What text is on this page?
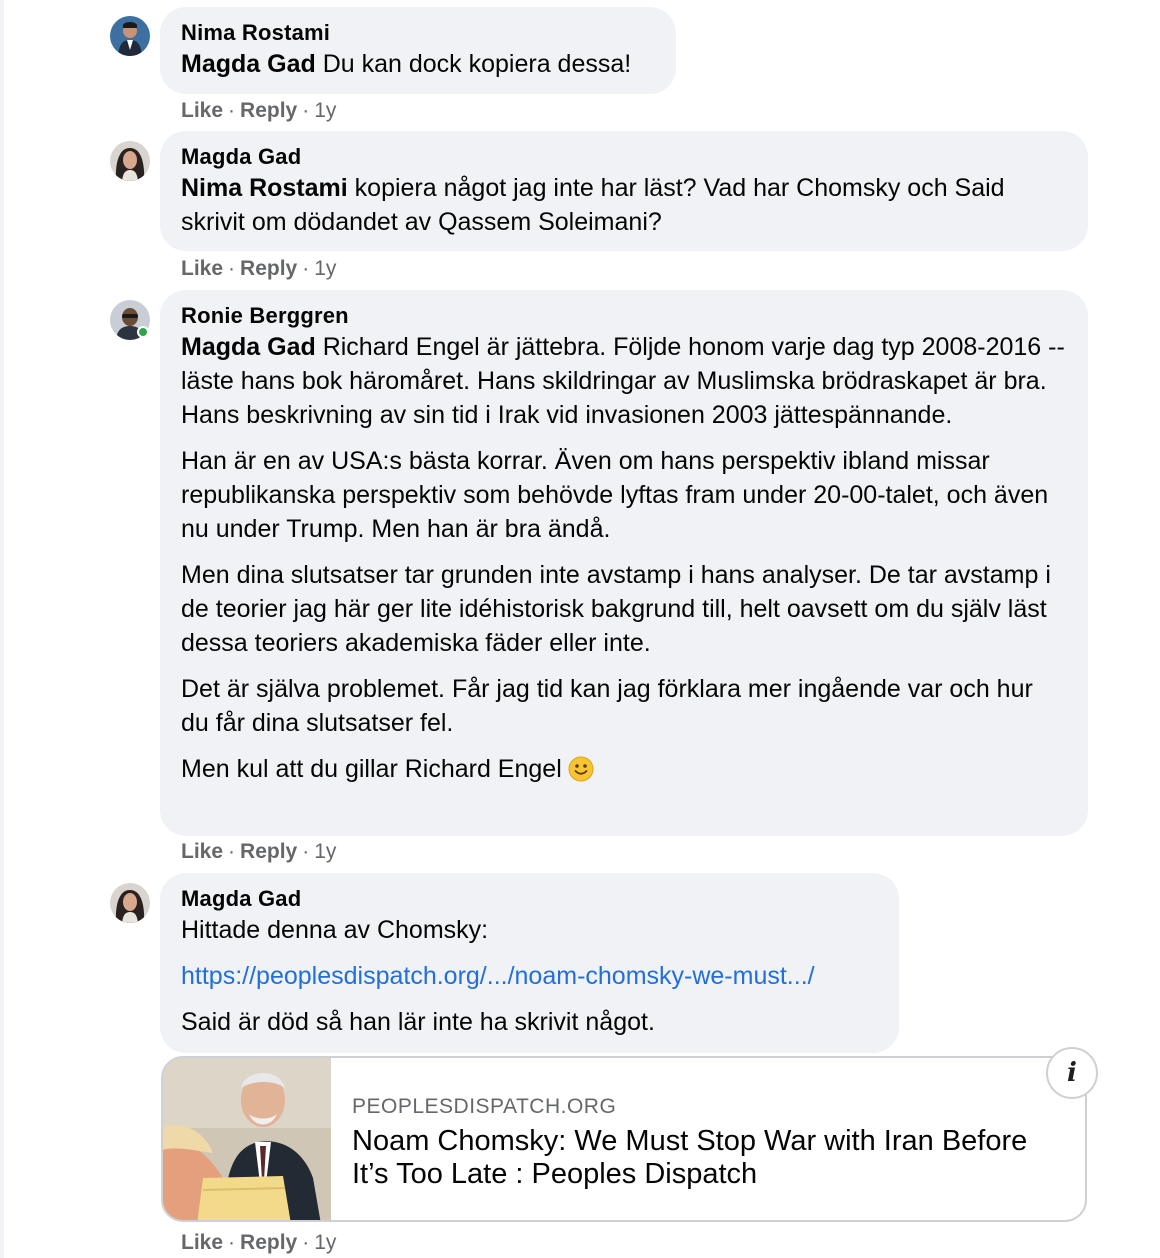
Nima Rostami
Magda Gad Du kan dock kopiera dessa!
Like · Reply · 1y
Magda Gad
Nima Rostami kopiera något jag inte har läst? Vad har Chomsky och Said skrivit om dödandet av Qassem Soleimani?
Like · Reply · 1y
Ronie Berggren

Magda Gad Richard Engel är jättebra. Följde honom varje dag typ 2008-2016 -- läste hans bok häromåret. Hans skildringar av Muslimska brödraskapet är bra. Hans beskrivning av sin tid i Irak vid invasionen 2003 jättespännande.

Han är en av USA:s bästa korrar. Även om hans perspektiv ibland missar republikanska perspektiv som behövde lyftas fram under 20-00-talet, och även nu under Trump. Men han är bra ändå.

Men dina slutsatser tar grunden inte avstamp i hans analyser. De tar avstamp i de teorier jag här ger lite idéhistorisk bakgrund till, helt oavsett om du själv läst dessa teoriers akademiska fäder eller inte.

Det är själva problemet. Får jag tid kan jag förklara mer ingående var och hur du får dina slutsatser fel.

Men kul att du gillar Richard Engel

Like · Reply · 1y
Magda Gad

Hittade denna av Chomsky:

https://peoplesdispatch.org/.../noam-chomsky-we-must.../

Said är död så han lär inte ha skrivit något.

PEOPLESDISPATCH.ORG
Noam Chomsky: We Must Stop War with Iran Before It’s Too Late : Peoples Dispatch
i
Like · Reply · 1y
